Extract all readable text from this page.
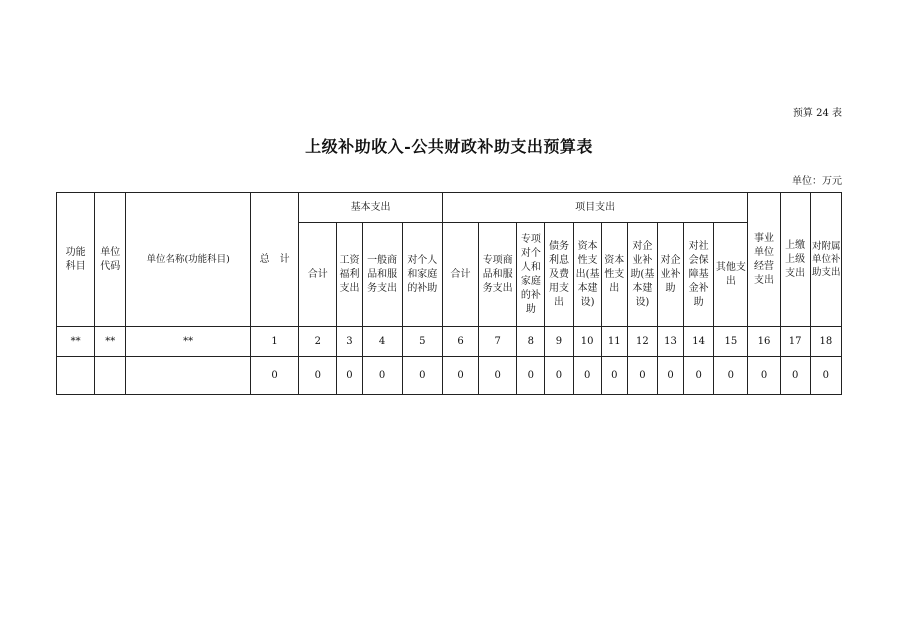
预算 24 表
上级补助收入-公共财政补助支出预算表
单位：万元
功能科目	单位代码	单位名称(功能科目)	总　计	基本支出				项目支出										事业单位经营支出	上缴上级支出	对附属单位补助支出
				合计	工资福利支出	一般商品和服务支出	对个人和家庭的补助	合计	专项商品和服务支出	专项对个人和家庭的补助	债务利息及费用支出	资本性支出(基本建设)	资本性支出	对企业补助(基本建设)	对企业补助	对社会保障基金补助	其他支出			
**	**	**	1	2	3	4	5	6	7	8	9	10	11	12	13	14	15	16	17	18
			0	0	0	0	0	0	0	0	0	0	0	0	0	0	0	0	0	0
